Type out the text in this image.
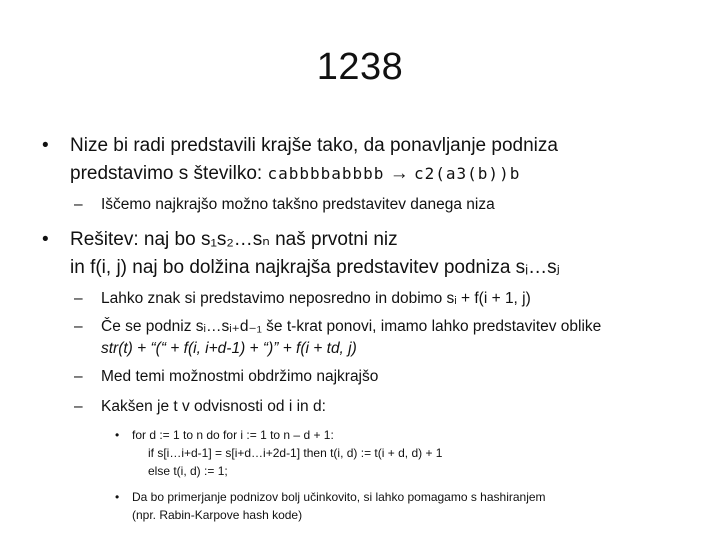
1238
• Nize bi radi predstavili krajše tako, da ponavljanje podniza
predstavimo s številko: cabbbbabbbb → c2(a3(b))b
– Iščemo najkrajšo možno takšno predstavitev danega niza
• Rešitev: naj bo s₁s₂…sₙ naš prvotni niz
in f(i, j) naj bo dolžina najkrajša predstavitev podniza sᵢ…sⱼ
– Lahko znak si predstavimo neposredno in dobimo sᵢ + f(i + 1, j)
– Če se podniz sᵢ…sᵢ₊d₋₁ še t-krat ponovi, imamo lahko predstavitev oblike
str(t) + “(“ + f(i, i+d-1) + “)” + f(i + td, j)
– Med temi možnostmi obdržimo najkrajšo
– Kakšen je t v odvisnosti od i in d:
• for d := 1 to n do for i := 1 to n – d + 1:
if s[i…i+d-1] = s[i+d…i+2d-1] then t(i, d) := t(i + d, d) + 1
else t(i, d) := 1;
• Da bo primerjanje podnizov bolj učinkovito, si lahko pomagamo s hashiranjem
(npr. Rabin-Karpove hash kode)
